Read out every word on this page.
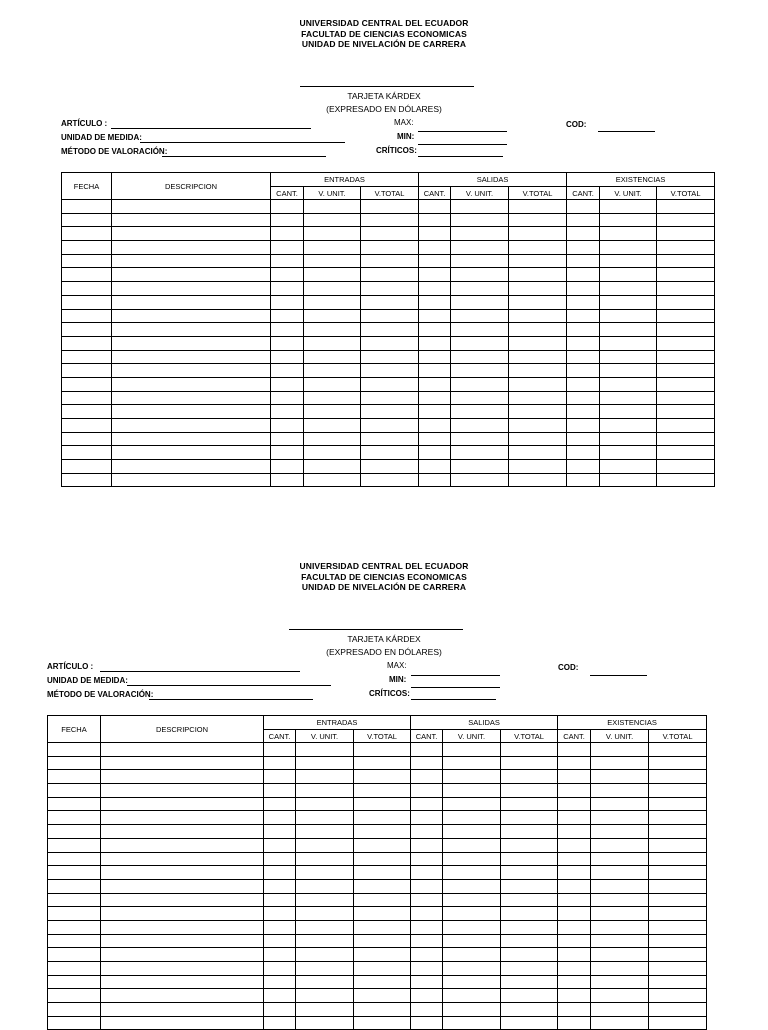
UNIVERSIDAD CENTRAL DEL ECUADOR
FACULTAD DE CIENCIAS ECONOMICAS
UNIDAD DE NIVELACIÓN DE CARRERA
TARJETA KÁRDEX
(EXPRESADO EN DÓLARES)
ARTÍCULO :
UNIDAD DE MEDIDA:
MÉTODO DE VALORACIÓN:
MAX:
MIN:
CRÍTICOS:
COD:
FECHA	DESCRIPCION	ENTRADAS			SALIDAS			EXISTENCIAS		
		CANT.	V. UNIT.	V.TOTAL	CANT.	V. UNIT.	V.TOTAL	CANT.	V. UNIT.	V.TOTAL

UNIVERSIDAD CENTRAL DEL ECUADOR
FACULTAD DE CIENCIAS ECONOMICAS
UNIDAD DE NIVELACIÓN DE CARRERA
TARJETA KÁRDEX
(EXPRESADO EN DÓLARES)
ARTÍCULO :
UNIDAD DE MEDIDA:
MÉTODO DE VALORACIÓN:
MAX:
MIN:
CRÍTICOS:
COD:
FECHA	DESCRIPCION	ENTRADAS			SALIDAS			EXISTENCIAS		
		CANT.	V. UNIT.	V.TOTAL	CANT.	V. UNIT.	V.TOTAL	CANT.	V. UNIT.	V.TOTAL
